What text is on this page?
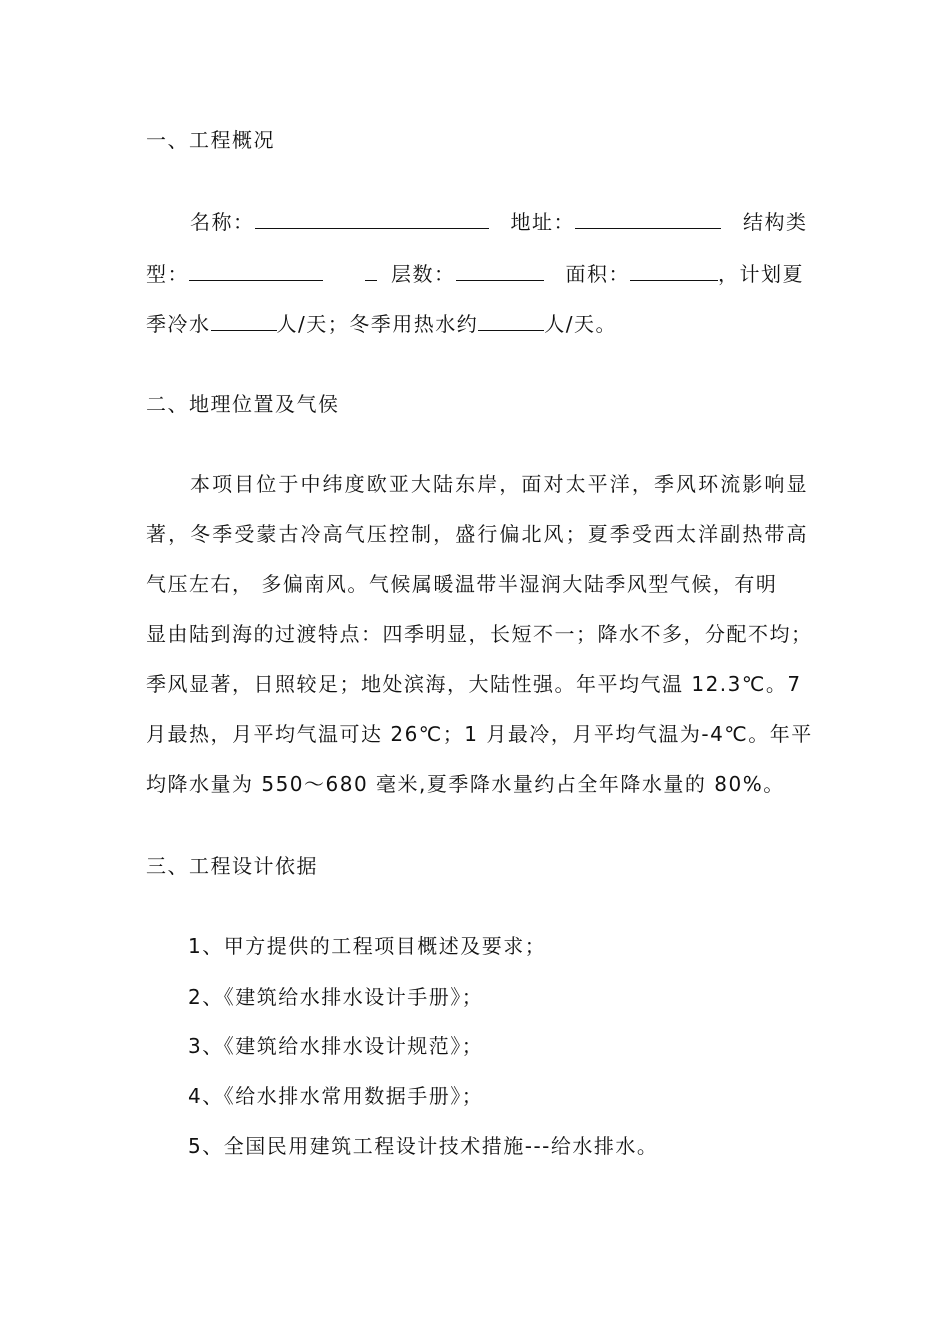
一、工程概况
名称：	地址：	结构类
型：	层数：	面积：	，计划夏
季冷水	人/天；冬季用热水约	人/天。
二、地理位置及气侯
本项目位于中纬度欧亚大陆东岸，面对太平洋，季风环流影响显
著，冬季受蒙古冷高气压控制，盛行偏北风；夏季受西太洋副热带高
气压左右， 多偏南风。气候属暖温带半湿润大陆季风型气候，有明
显由陆到海的过渡特点：四季明显，长短不一；降水不多，分配不均；
季风显著，日照较足；地处滨海，大陆性强。年平均气温 12.3℃。7
月最热，月平均气温可达 26℃；1 月最冷，月平均气温为-4℃。年平
均降水量为 550～680 毫米,夏季降水量约占全年降水量的 80%。
三、工程设计依据
1、甲方提供的工程项目概述及要求；
2、《建筑给水排水设计手册》；
3、《建筑给水排水设计规范》；
4、《给水排水常用数据手册》；
5、全国民用建筑工程设计技术措施---给水排水。
